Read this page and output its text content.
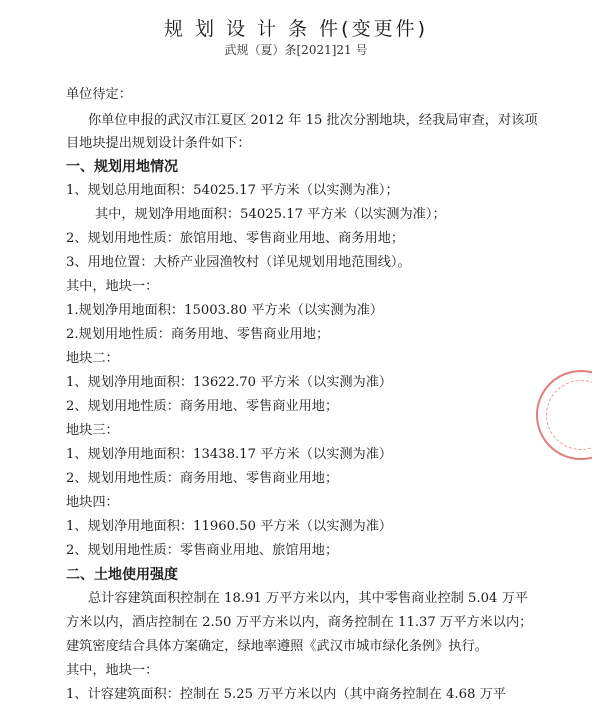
规 划 设 计 条 件(变更件)
武规（夏）条[2021]21 号
单位待定：
你单位申报的武汉市江夏区 2012 年 15 批次分割地块，经我局审查，对该项
目地块提出规划设计条件如下：
一、规划用地情况
1、规划总用地面积：54025.17 平方米（以实测为准）；
其中，规划净用地面积：54025.17 平方米（以实测为准）；
2、规划用地性质：旅馆用地、零售商业用地、商务用地；
3、用地位置：大桥产业园渔牧村（详见规划用地范围线）。
其中，地块一：
1.规划净用地面积：15003.80 平方米（以实测为准）
2.规划用地性质：商务用地、零售商业用地；
地块二：
1、规划净用地面积：13622.70 平方米（以实测为准）
2、规划用地性质：商务用地、零售商业用地；
地块三：
1、规划净用地面积：13438.17 平方米（以实测为准）
2、规划用地性质：商务用地、零售商业用地；
地块四：
1、规划净用地面积：11960.50 平方米（以实测为准）
2、规划用地性质：零售商业用地、旅馆用地；
二、土地使用强度
总计容建筑面积控制在 18.91 万平方米以内，其中零售商业控制 5.04 万平
方米以内，酒店控制在 2.50 万平方米以内，商务控制在 11.37 万平方米以内；
建筑密度结合具体方案确定，绿地率遵照《武汉市城市绿化条例》执行。
其中，地块一：
1、计容建筑面积：控制在 5.25 万平方米以内（其中商务控制在 4.68 万平
